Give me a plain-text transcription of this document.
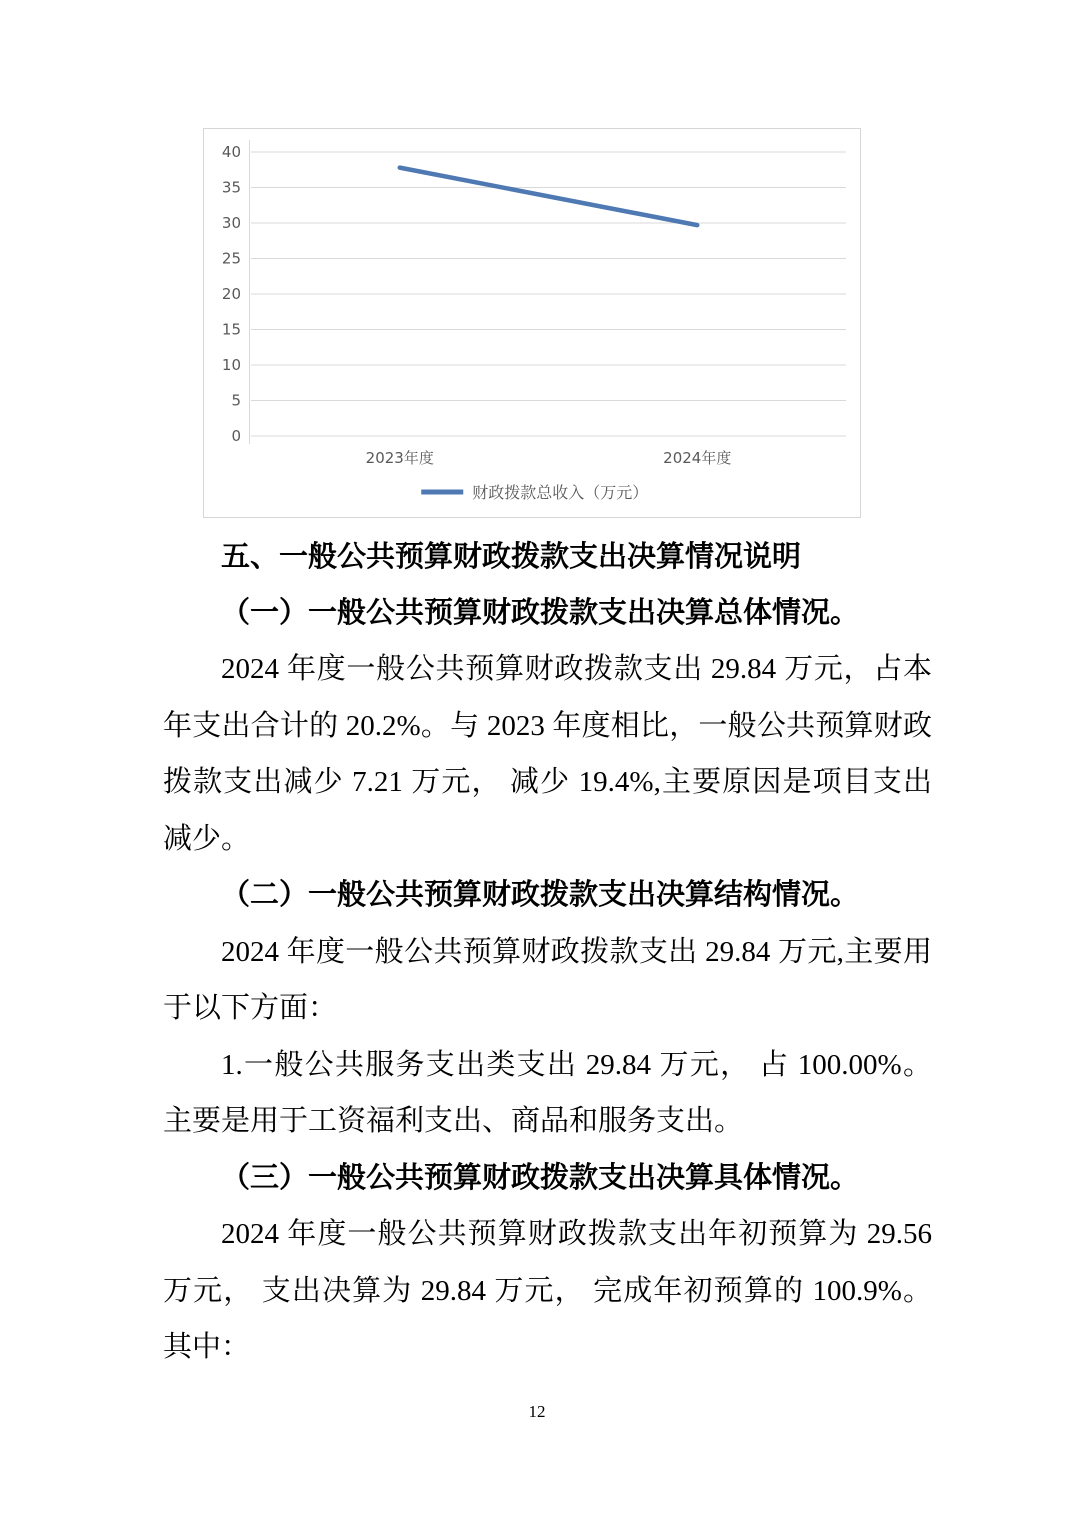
40
35
30
25
20
15
10
5
0
2023年度	2024年度
财政拨款总收入（万元）
五、一般公共预算财政拨款支出决算情况说明
（一）一般公共预算财政拨款支出决算总体情况。

2024 年度一般公共预算财政拨款支出 29.84 万元，占本年支出合计的 20.2%。与 2023 年度相比，一般公共预算财政拨款支出减少 7.21 万元， 减少 19.4%,主要原因是项目支出减少。

（二）一般公共预算财政拨款支出决算结构情况。

2024 年度一般公共预算财政拨款支出 29.84 万元,主要用于以下方面：

1.一般公共服务支出类支出 29.84 万元， 占 100.00%。主要是用于工资福利支出、商品和服务支出。

（三）一般公共预算财政拨款支出决算具体情况。

2024 年度一般公共预算财政拨款支出年初预算为 29.56 万元， 支出决算为 29.84 万元， 完成年初预算的 100.9%。其中：

12
